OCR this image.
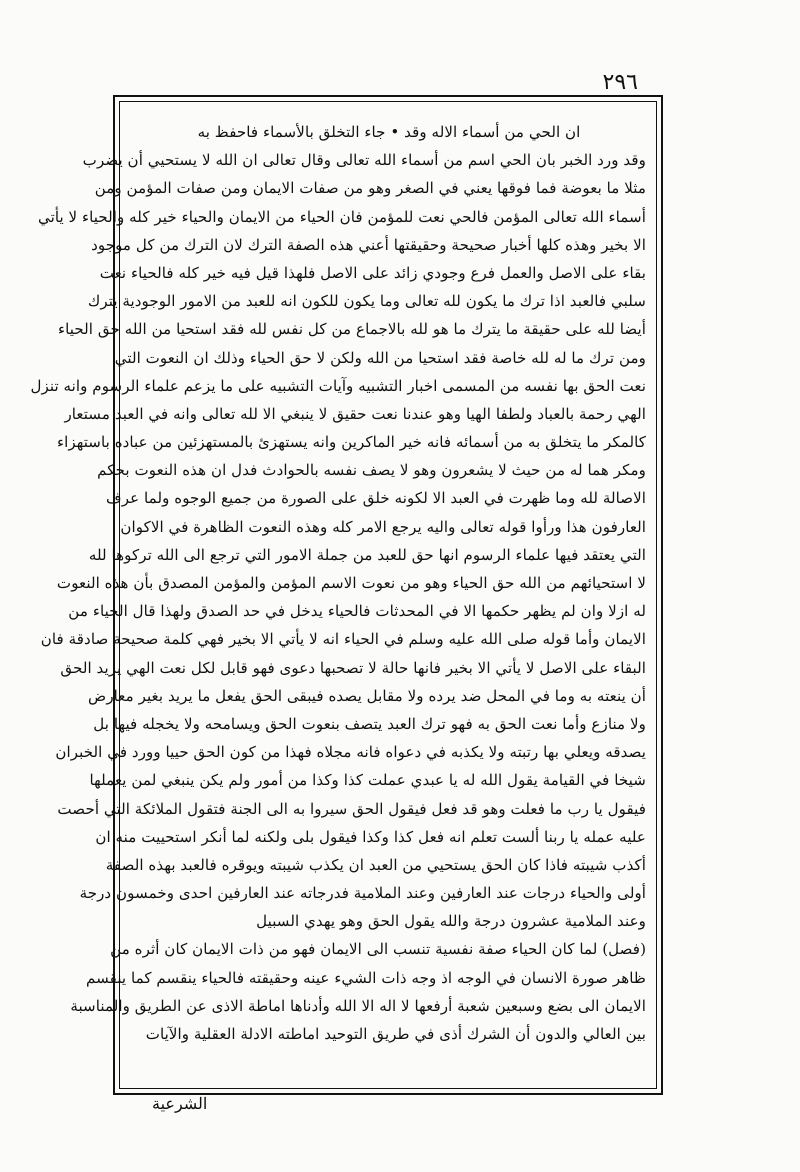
٢٩٦
ان الحي من أسماء الاله وقد • جاء التخلق بالأسماء فاحفظ به
وقد ورد الخبر بان الحي اسم من أسماء الله تعالى وقال تعالى ان الله لا يستحيي أن يضرب
مثلا ما بعوضة فما فوقها يعني في الصغر وهو من صفات الايمان ومن صفات المؤمن ومن
أسماء الله تعالى المؤمن فالحي نعت للمؤمن فان الحياء من الايمان والحياء خير كله والحياء لا يأتي
الا بخير وهذه كلها أخبار صحيحة وحقيقتها أعني هذه الصفة الترك لان الترك من كل موجود
بقاء على الاصل والعمل فرع وجودي زائد على الاصل فلهذا قيل فيه خير كله فالحياء نعت
سلبي فالعبد اذا ترك ما يكون لله تعالى وما يكون للكون انه للعبد من الامور الوجودية يترك
أيضا لله على حقيقة ما يترك ما هو لله بالاجماع من كل نفس لله فقد استحيا من الله حق الحياء
ومن ترك ما له لله خاصة فقد استحيا من الله ولكن لا حق الحياء وذلك ان النعوت التي
نعت الحق بها نفسه من المسمى اخبار التشبيه وآيات التشبيه على ما يزعم علماء الرسوم وانه تنزل
الهي رحمة بالعباد ولطفا الهيا وهو عندنا نعت حقيق لا ينبغي الا لله تعالى وانه في العبد مستعار
كالمكر ما يتخلق به من أسمائه فانه خير الماكرين وانه يستهزئ بالمستهزئين من عباده باستهزاء
ومكر هما له من حيث لا يشعرون وهو لا يصف نفسه بالحوادث فدل ان هذه النعوت بحكم
الاصالة لله وما ظهرت في العبد الا لكونه خلق على الصورة من جميع الوجوه ولما عرف
العارفون هذا ورأوا قوله تعالى واليه يرجع الامر كله وهذه النعوت الظاهرة في الاكوان
التي يعتقد فيها علماء الرسوم انها حق للعبد من جملة الامور التي ترجع الى الله تركوها لله
لا استحيائهم من الله حق الحياء وهو من نعوت الاسم المؤمن والمؤمن المصدق بأن هذه النعوت
له ازلا وان لم يظهر حكمها الا في المحدثات فالحياء يدخل في حد الصدق ولهذا قال الحياء من
الايمان وأما قوله صلى الله عليه وسلم في الحياء انه لا يأتي الا بخير فهي كلمة صحيحة صادقة فان
البقاء على الاصل لا يأتي الا بخير فانها حالة لا تصحبها دعوى فهو قابل لكل نعت الهي يريد الحق
أن ينعته به وما في المحل ضد يرده ولا مقابل يصده فيبقى الحق يفعل ما يريد بغير معارض
ولا منازع وأما نعت الحق به فهو ترك العبد يتصف بنعوت الحق ويسامحه ولا يخجله فيها بل
يصدقه ويعلي بها رتبته ولا يكذبه في دعواه فانه مجلاه فهذا من كون الحق حييا وورد في الخبران
شيخا في القيامة يقول الله له يا عبدي عملت كذا وكذا من أمور ولم يكن ينبغي لمن يعملها
فيقول يا رب ما فعلت وهو قد فعل فيقول الحق سيروا به الى الجنة فتقول الملائكة التي أحصت
عليه عمله يا ربنا ألست تعلم انه فعل كذا وكذا فيقول بلى ولكنه لما أنكر استحييت منه ان
أكذب شيبته فاذا كان الحق يستحيي من العبد ان يكذب شيبته ويوقره فالعبد بهذه الصفة
أولى والحياء درجات عند العارفين وعند الملامية فدرجاته عند العارفين احدى وخمسون درجة
وعند الملامية عشرون درجة والله يقول الحق وهو يهدي السبيل
(فصل) لما كان الحياء صفة نفسية تنسب الى الايمان فهو من ذات الايمان كان أثره من
ظاهر صورة الانسان في الوجه اذ وجه ذات الشيء عينه وحقيقته فالحياء ينقسم كما ينقسم
الايمان الى بضع وسبعين شعبة أرفعها لا اله الا الله وأدناها اماطة الاذى عن الطريق والمناسبة
بين العالي والدون أن الشرك أذى في طريق التوحيد اماطته الادلة العقلية والآيات
الشرعية
